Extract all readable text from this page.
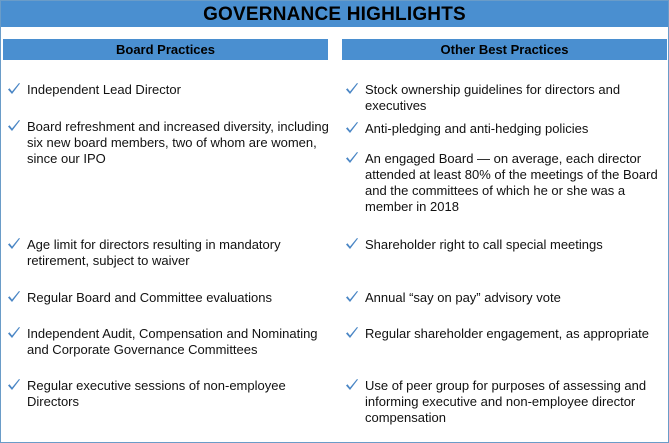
GOVERNANCE HIGHLIGHTS
Board Practices	Other Best Practices
Independent Lead Director
Board refreshment and increased diversity, including six new board members, two of whom are women, since our IPO
Age limit for directors resulting in mandatory retirement, subject to waiver
Regular Board and Committee evaluations
Independent Audit, Compensation and Nominating and Corporate Governance Committees
Regular executive sessions of non-employee Directors
Stock ownership guidelines for directors and executives
Anti-pledging and anti-hedging policies
An engaged Board — on average, each director attended at least 80% of the meetings of the Board and the committees of which he or she was a member in 2018
Shareholder right to call special meetings
Annual “say on pay” advisory vote
Regular shareholder engagement, as appropriate
Use of peer group for purposes of assessing and informing executive and non-employee director compensation
